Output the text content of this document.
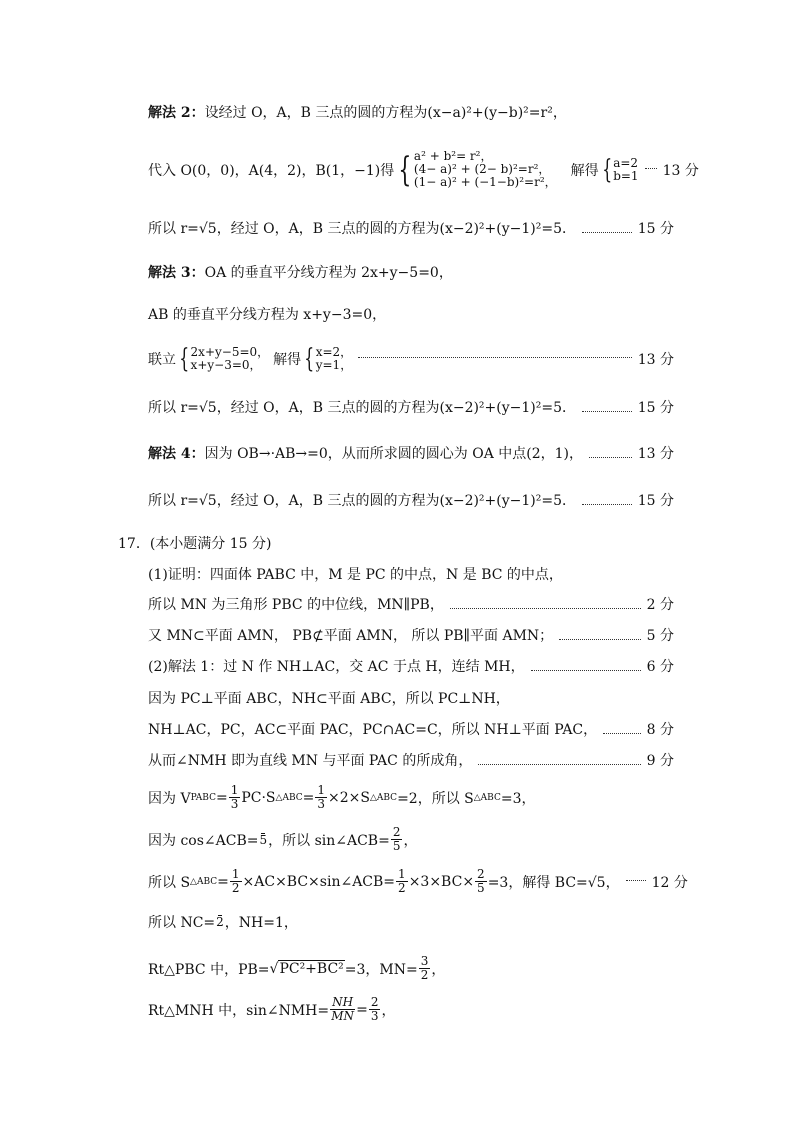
解法 2： 设经过 O，A，B 三点的圆的方程为(x−a)²+(y−b)²=r²，
代入 O(0，0)，A(4，2)，B(1，−1)得 { a² + b²= r²，
(4− a)² + (2− b)²=r²，
(1− a)² + (−1−b)²=r²，
解得 { a=2
b=1 13 分
所以 r=√5，经过 O，A，B 三点的圆的方程为(x−2)²+(y−1)²=5．	15 分
解法 3： OA 的垂直平分线方程为 2x+y−5=0，
AB 的垂直平分线方程为 x+y−3=0，
联立 { 2x+y−5=0，
x+y−3=0， 解得 { x=2，
y=1，	13 分
所以 r=√5，经过 O，A，B 三点的圆的方程为(x−2)²+(y−1)²=5．	15 分
解法 4： 因为 OB→·AB→=0，从而所求圆的圆心为 OA 中点(2，1)，	13 分
所以 r=√5，经过 O，A，B 三点的圆的方程为(x−2)²+(y−1)²=5．	15 分
17．(本小题满分 15 分)
(1)证明：四面体 PABC 中，M 是 PC 的中点，N 是 BC 的中点，
所以 MN 为三角形 PBC 的中位线，MN∥PB，	2 分
又 MN⊂平面 AMN， PB⊄平面 AMN， 所以 PB∥平面 AMN；	5 分
(2)解法 1：过 N 作 NH⊥AC，交 AC 于点 H，连结 MH，	6 分
因为 PC⊥平面 ABC，NH⊂平面 ABC，所以 PC⊥NH，
NH⊥AC，PC，AC⊂平面 PAC，PC∩AC=C，所以 NH⊥平面 PAC，	8 分
从而∠NMH 即为直线 MN 与平面 PAC 的所成角，	9 分
因为 V PABC = $\frac{1}{3} PC\cdot S$ △ABC = $\frac{1}{3} \times 2\times S$ △ABC =2，所以 S △ABC =3，
因为 cos∠ACB= 5 ，所以 sin∠ACB= $\frac{2}{5}$ ，
所以 S △ABC = $\frac{1}{2}$ ×AC×BC×sin∠ACB= $\frac{1}{2} \times 3\times BC\times \frac{2}{5} =3$，解得 BC=√5， 12 分
所以 NC= 2 ，NH=1，
Rt△PBC 中，PB= √ PC²+BC² =3，$MN= \frac{3}{2}$ ，
Rt△MNH 中，sin∠NMH= $\frac{NH}{MN} = \frac{2}{3}$ ，
